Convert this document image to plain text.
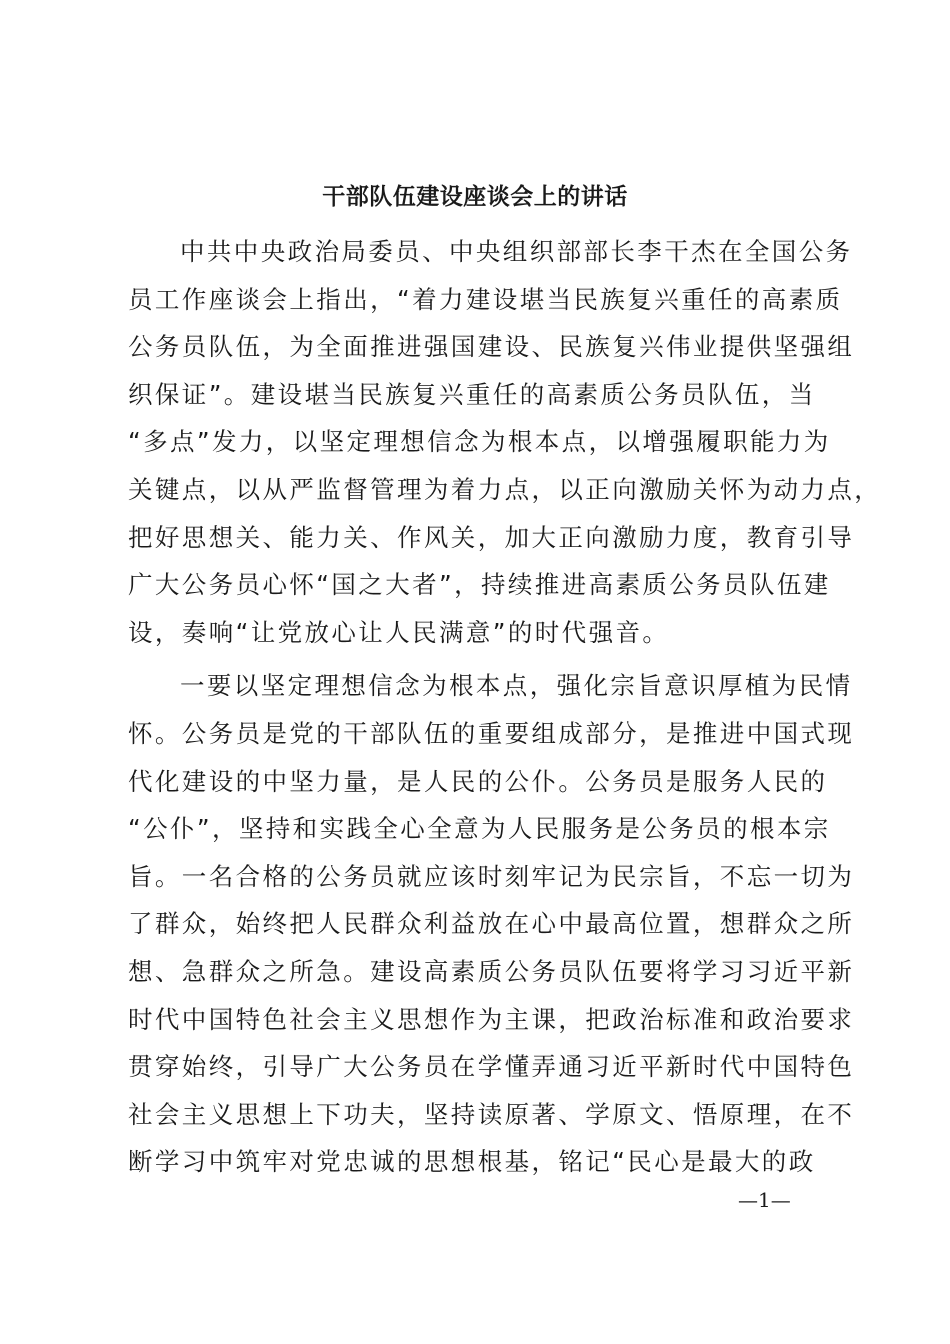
干部队伍建设座谈会上的讲话
中共中央政治局委员、中央组织部部长李干杰在全国公务
员工作座谈会上指出，“着力建设堪当民族复兴重任的高素质
公务员队伍，为全面推进强国建设、民族复兴伟业提供坚强组
织保证”。建设堪当民族复兴重任的高素质公务员队伍，当
“多点”发力，以坚定理想信念为根本点，以增强履职能力为
关键点，以从严监督管理为着力点，以正向激励关怀为动力点，
把好思想关、能力关、作风关，加大正向激励力度，教育引导
广大公务员心怀“国之大者”，持续推进高素质公务员队伍建
设，奏响“让党放心让人民满意”的时代强音。
一要以坚定理想信念为根本点，强化宗旨意识厚植为民情
怀。公务员是党的干部队伍的重要组成部分，是推进中国式现
代化建设的中坚力量，是人民的公仆。公务员是服务人民的
“公仆”，坚持和实践全心全意为人民服务是公务员的根本宗
旨。一名合格的公务员就应该时刻牢记为民宗旨，不忘一切为
了群众，始终把人民群众利益放在心中最高位置，想群众之所
想、急群众之所急。建设高素质公务员队伍要将学习习近平新
时代中国特色社会主义思想作为主课，把政治标准和政治要求
贯穿始终，引导广大公务员在学懂弄通习近平新时代中国特色
社会主义思想上下功夫，坚持读原著、学原文、悟原理，在不
断学习中筑牢对党忠诚的思想根基，铭记“民心是最大的政
—1—
